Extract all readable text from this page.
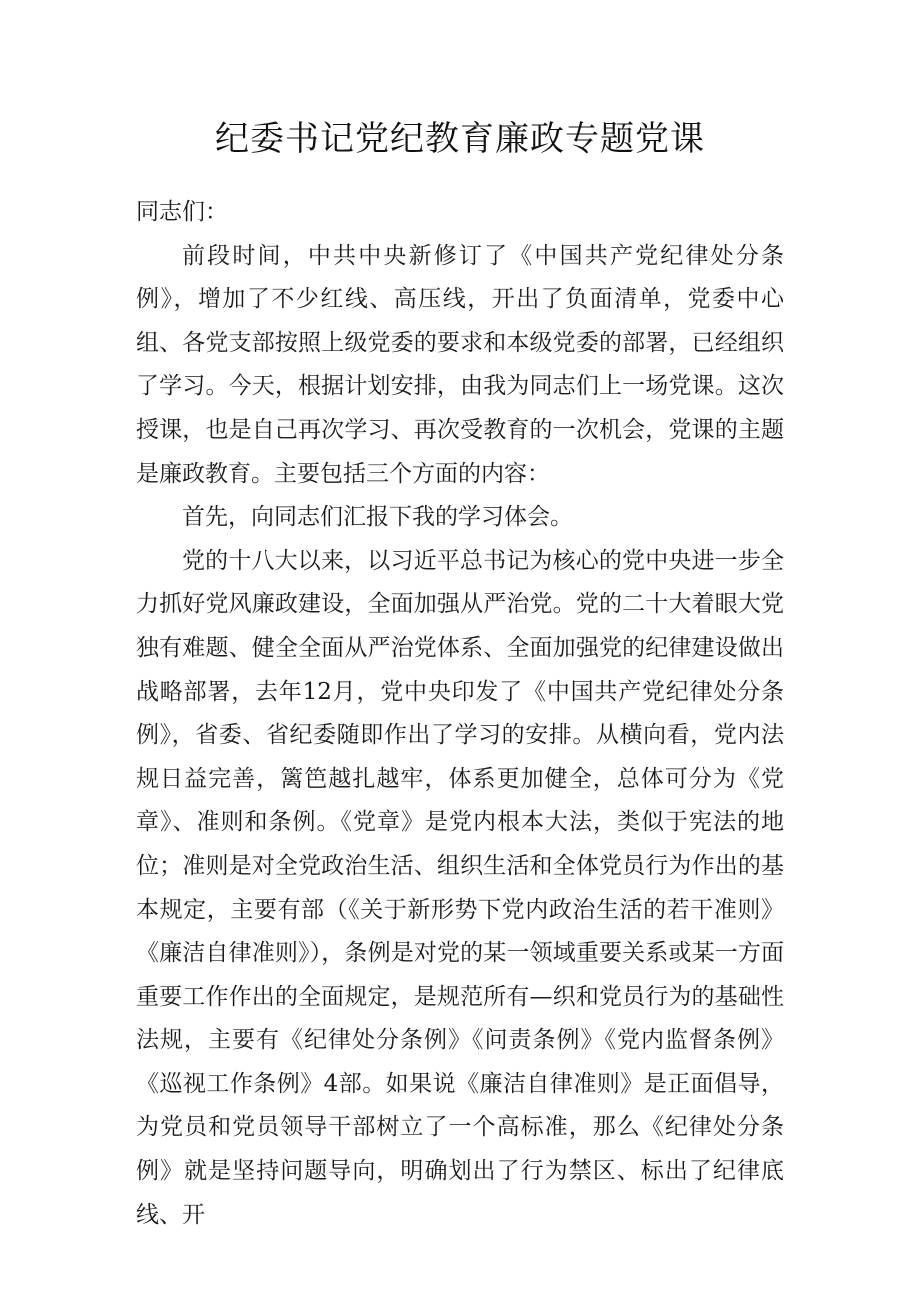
纪委书记党纪教育廉政专题党课

同志们：

前段时间，中共中央新修订了《中国共产党纪律处分条例》，增加了不少红线、高压线，开出了负面清单，党委中心组、各党支部按照上级党委的要求和本级党委的部署，已经组织了学习。今天，根据计划安排，由我为同志们上一场党课。这次授课，也是自己再次学习、再次受教育的一次机会，党课的主题是廉政教育。主要包括三个方面的内容：

首先，向同志们汇报下我的学习体会。

党的十八大以来，以习近平总书记为核心的党中央进一步全力抓好党风廉政建设，全面加强从严治党。党的二十大着眼大党独有难题、健全全面从严治党体系、全面加强党的纪律建设做出战略部署，去年12月，党中央印发了《中国共产党纪律处分条例》，省委、省纪委随即作出了学习的安排。从横向看，党内法规日益完善，篱笆越扎越牢，体系更加健全，总体可分为《党章》、准则和条例。《党章》是党内根本大法，类似于宪法的地位；准则是对全党政治生活、组织生活和全体党员行为作出的基本规定，主要有部（《关于新形势下党内政治生活的若干准则》《廉洁自律准则》），条例是对党的某一领域重要关系或某一方面重要工作作出的全面规定，是规范所有—织和党员行为的基础性法规，主要有《纪律处分条例》《问责条例》《党内监督条例》《巡视工作条例》4部。如果说《廉洁自律准则》是正面倡导，为党员和党员领导干部树立了一个高标准，那么《纪律处分条例》就是坚持问题导向，明确划出了行为禁区、标出了纪律底线、开
